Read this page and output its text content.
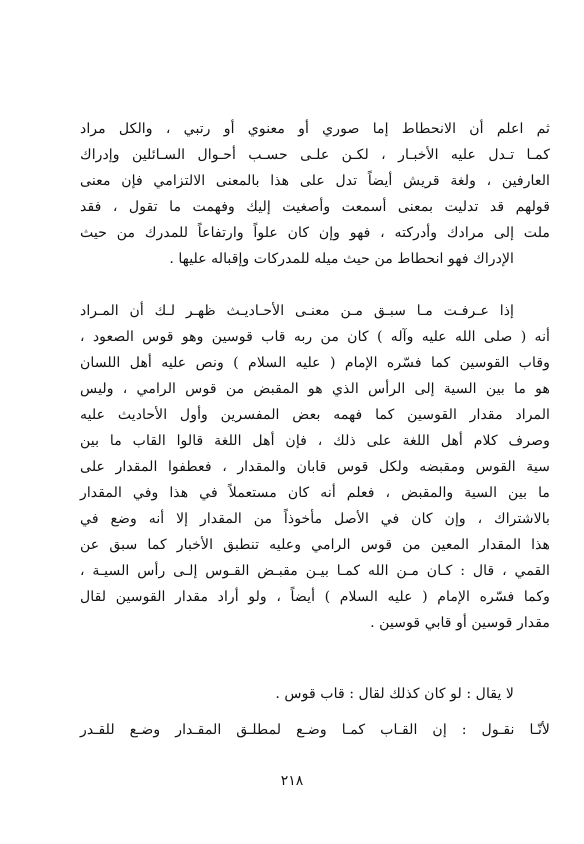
ثم اعلم أن الانحطاط إما صوري أو معنوي أو رتبي ، والكل مراد
كمـا تـدل عليه الأخبـار ، لكـن علـى حسـب أحـوال السـائلين وإدراك
العارفين ، ولغة قريش أيضاً تدل على هذا بالمعنى الالتزامي فإن معنى
قولهم قد تدليت بمعنى أسمعت وأصغيت إليك وفهمت ما تقول ، فقد
ملت إلى مرادك وأدركته ، فهو وإن كان علواً وارتفاعاً للمدرك من حيث
الإدراك فهو انحطاط من حيث ميله للمدركات وإقباله عليها .
إذا عـرفـت مـا سبـق مـن معنـى الأحـاديـث ظهـر لـك أن المـراد
أنه ( صلى الله عليه وآله ) كان من ربه قاب قوسين وهو قوس الصعود ،
وقاب القوسين كما فسّره الإمام ( عليه السلام ) ونص عليه أهل اللسان
هو ما بين السية إلى الرأس الذي هو المقبض من قوس الرامي ، وليس
المراد مقدار القوسين كما فهمه بعض المفسرين وأول الأحاديث عليه
وصرف كلام أهل اللغة على ذلك ، فإن أهل اللغة قالوا القاب ما بين
سية القوس ومقبضه ولكل قوس قابان والمقدار ، فعطفوا المقدار على
ما بين السية والمقبض ، فعلم أنه كان مستعملاً في هذا وفي المقدار
بالاشتراك ، وإن كان في الأصل مأخوذاً من المقدار إلا أنه وضع في
هذا المقدار المعين من قوس الرامي وعليه تنطبق الأخبار كما سبق عن
القمي ، قال : كـان مـن الله كمـا بيـن مقبـض القـوس إلـى رأس السيـة ،
وكما فسّره الإمام ( عليه السلام ) أيضاً ، ولو أراد مقدار القوسين لقال
مقدار قوسين أو قابي قوسين .
لا يقال : لو كان كذلك لقال : قاب قوس .
لأنّـا نقـول : إن القـاب كمـا وضـع لمطلـق المقـدار وضـع للقـدر
٢١٨
